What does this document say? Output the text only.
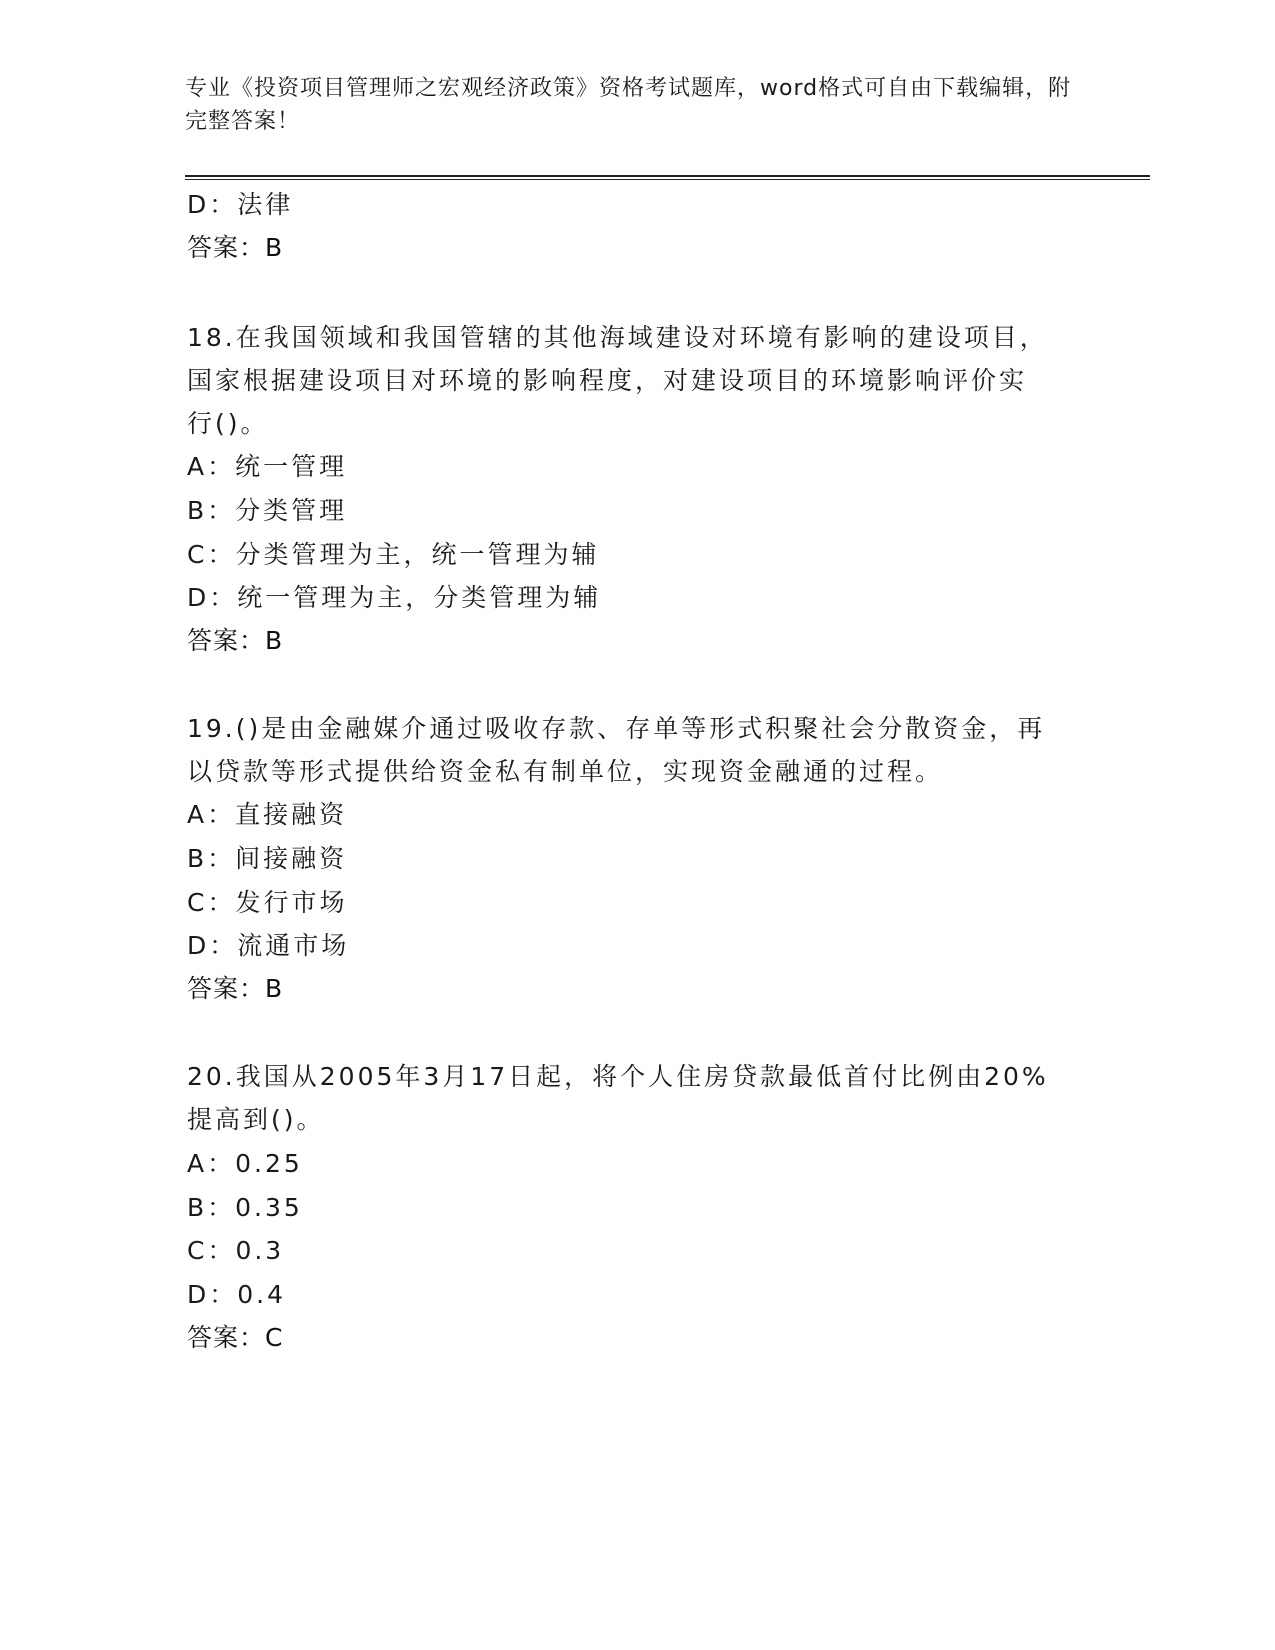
专业《投资项目管理师之宏观经济政策》资格考试题库，word格式可自由下载编辑，附完整答案！
D：法律
答案：B
18.在我国领域和我国管辖的其他海域建设对环境有影响的建设项目，
国家根据建设项目对环境的影响程度，对建设项目的环境影响评价实
行()。
A：统一管理
B：分类管理
C：分类管理为主，统一管理为辅
D：统一管理为主，分类管理为辅
答案：B
19.()是由金融媒介通过吸收存款、存单等形式积聚社会分散资金，再
以贷款等形式提供给资金私有制单位，实现资金融通的过程。
A：直接融资
B：间接融资
C：发行市场
D：流通市场
答案：B
20.我国从2005年3月17日起，将个人住房贷款最低首付比例由20%
提高到()。
A：0.25
B：0.35
C：0.3
D：0.4
答案：C
